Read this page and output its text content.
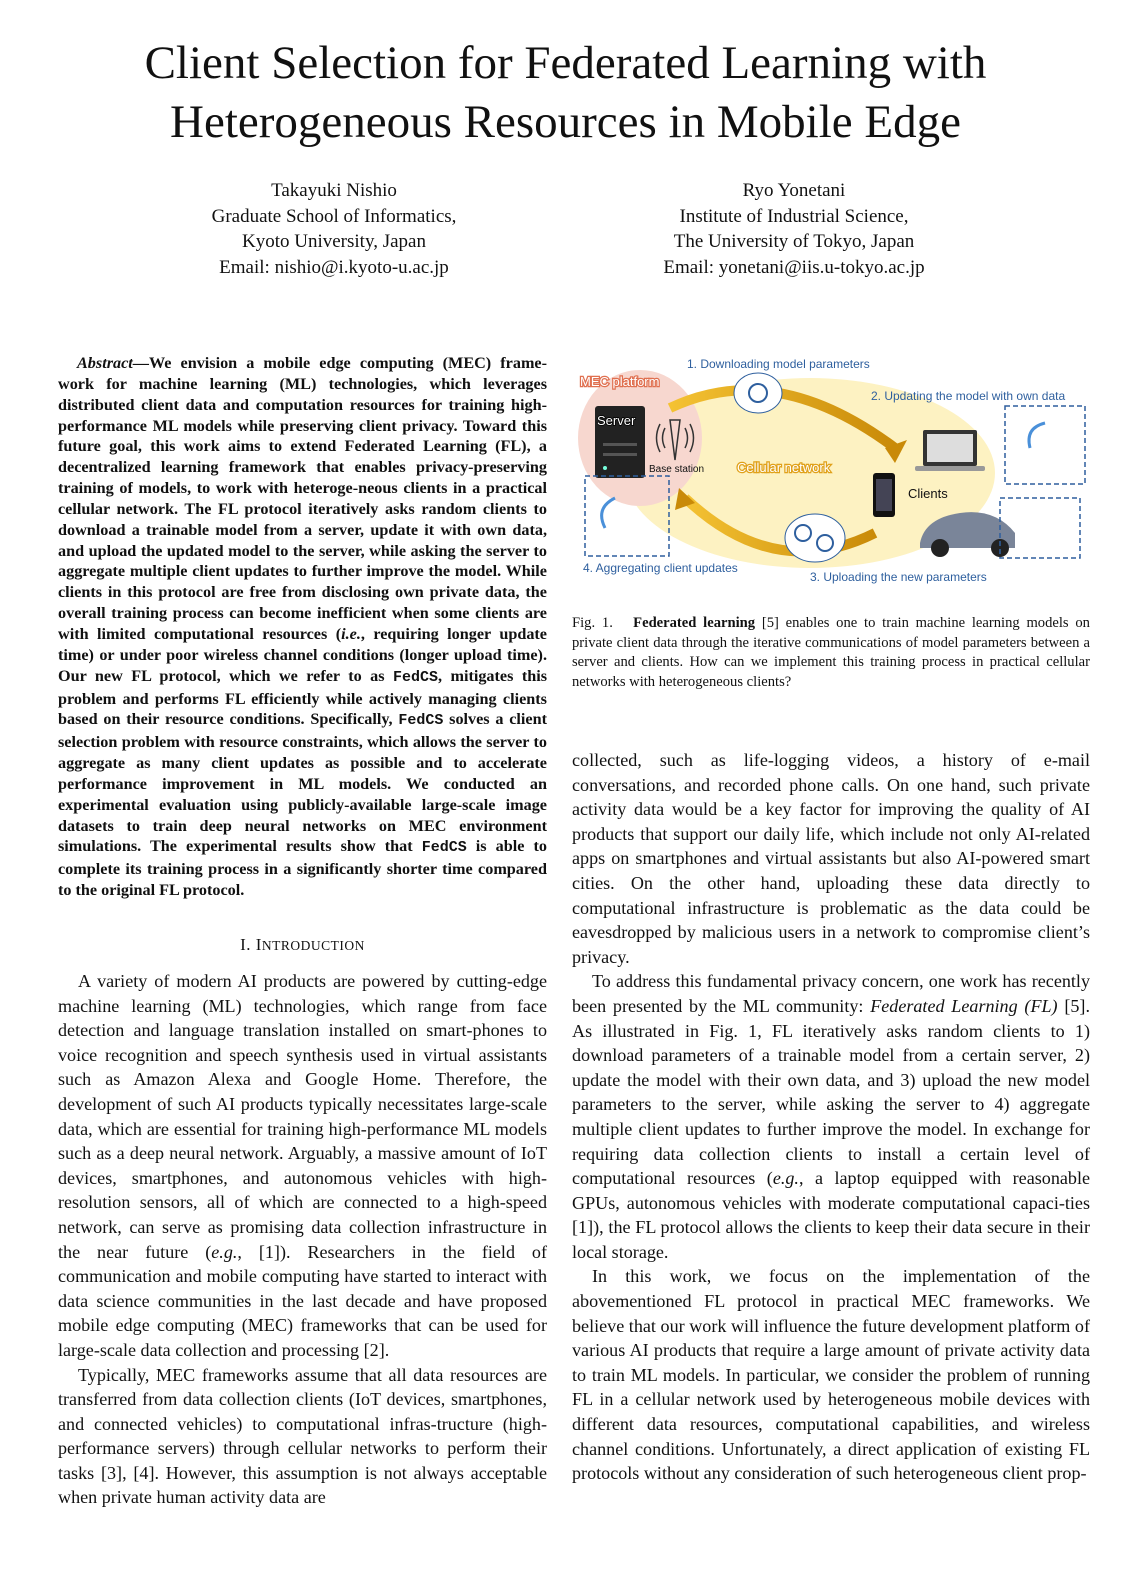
Client Selection for Federated Learning with
Heterogeneous Resources in Mobile Edge
Takayuki Nishio
Graduate School of Informatics,
Kyoto University, Japan
Email: nishio@i.kyoto-u.ac.jp
Ryo Yonetani
Institute of Industrial Science,
The University of Tokyo, Japan
Email: yonetani@iis.u-tokyo.ac.jp

Abstract—We envision a mobile edge computing (MEC) frame-work for machine learning (ML) technologies, which leverages distributed client data and computation resources for training high-performance ML models while preserving client privacy. Toward this future goal, this work aims to extend Federated Learning (FL), a decentralized learning framework that enables privacy-preserving training of models, to work with heteroge-neous clients in a practical cellular network. The FL protocol iteratively asks random clients to download a trainable model from a server, update it with own data, and upload the updated model to the server, while asking the server to aggregate multiple client updates to further improve the model. While clients in this protocol are free from disclosing own private data, the overall training process can become inefficient when some clients are with limited computational resources (i.e., requiring longer update time) or under poor wireless channel conditions (longer upload time). Our new FL protocol, which we refer to as FedCS, mitigates this problem and performs FL efficiently while actively managing clients based on their resource conditions. Specifically, FedCS solves a client selection problem with resource constraints, which allows the server to aggregate as many client updates as possible and to accelerate performance improvement in ML models. We conducted an experimental evaluation using publicly-available large-scale image datasets to train deep neural networks on MEC environment simulations. The experimental results show that FedCS is able to complete its training process in a significantly shorter time compared to the original FL protocol.

I. INTRODUCTION

A variety of modern AI products are powered by cutting-edge machine learning (ML) technologies, which range from face detection and language translation installed on smart-phones to voice recognition and speech synthesis used in virtual assistants such as Amazon Alexa and Google Home. Therefore, the development of such AI products typically necessitates large-scale data, which are essential for training high-performance ML models such as a deep neural network. Arguably, a massive amount of IoT devices, smartphones, and autonomous vehicles with high-resolution sensors, all of which are connected to a high-speed network, can serve as promising data collection infrastructure in the near future (e.g., [1]). Researchers in the field of communication and mobile computing have started to interact with data science communities in the last decade and have proposed mobile edge computing (MEC) frameworks that can be used for large-scale data collection and processing [2].

Typically, MEC frameworks assume that all data resources are transferred from data collection clients (IoT devices, smartphones, and connected vehicles) to computational infras-tructure (high-performance servers) through cellular networks to perform their tasks [3], [4]. However, this assumption is not always acceptable when private human activity data are

MEC platform
1. Downloading model parameters
2. Updating the model with own data
3. Uploading the new parameters
4. Aggregating client updates
Server
Base station	Cellular network
Clients

Fig. 1. Federated learning [5] enables one to train machine learning models on private client data through the iterative communications of model parameters between a server and clients. How can we implement this training process in practical cellular networks with heterogeneous clients?

collected, such as life-logging videos, a history of e-mail conversations, and recorded phone calls. On one hand, such private activity data would be a key factor for improving the quality of AI products that support our daily life, which include not only AI-related apps on smartphones and virtual assistants but also AI-powered smart cities. On the other hand, uploading these data directly to computational infrastructure is problematic as the data could be eavesdropped by malicious users in a network to compromise client’s privacy.

To address this fundamental privacy concern, one work has recently been presented by the ML community: Federated Learning (FL) [5]. As illustrated in Fig. 1, FL iteratively asks random clients to 1) download parameters of a trainable model from a certain server, 2) update the model with their own data, and 3) upload the new model parameters to the server, while asking the server to 4) aggregate multiple client updates to further improve the model. In exchange for requiring data collection clients to install a certain level of computational resources (e.g., a laptop equipped with reasonable GPUs, autonomous vehicles with moderate computational capaci-ties [1]), the FL protocol allows the clients to keep their data secure in their local storage.

In this work, we focus on the implementation of the abovementioned FL protocol in practical MEC frameworks. We believe that our work will influence the future development platform of various AI products that require a large amount of private activity data to train ML models. In particular, we consider the problem of running FL in a cellular network used by heterogeneous mobile devices with different data resources, computational capabilities, and wireless channel conditions. Unfortunately, a direct application of existing FL protocols without any consideration of such heterogeneous client prop-
